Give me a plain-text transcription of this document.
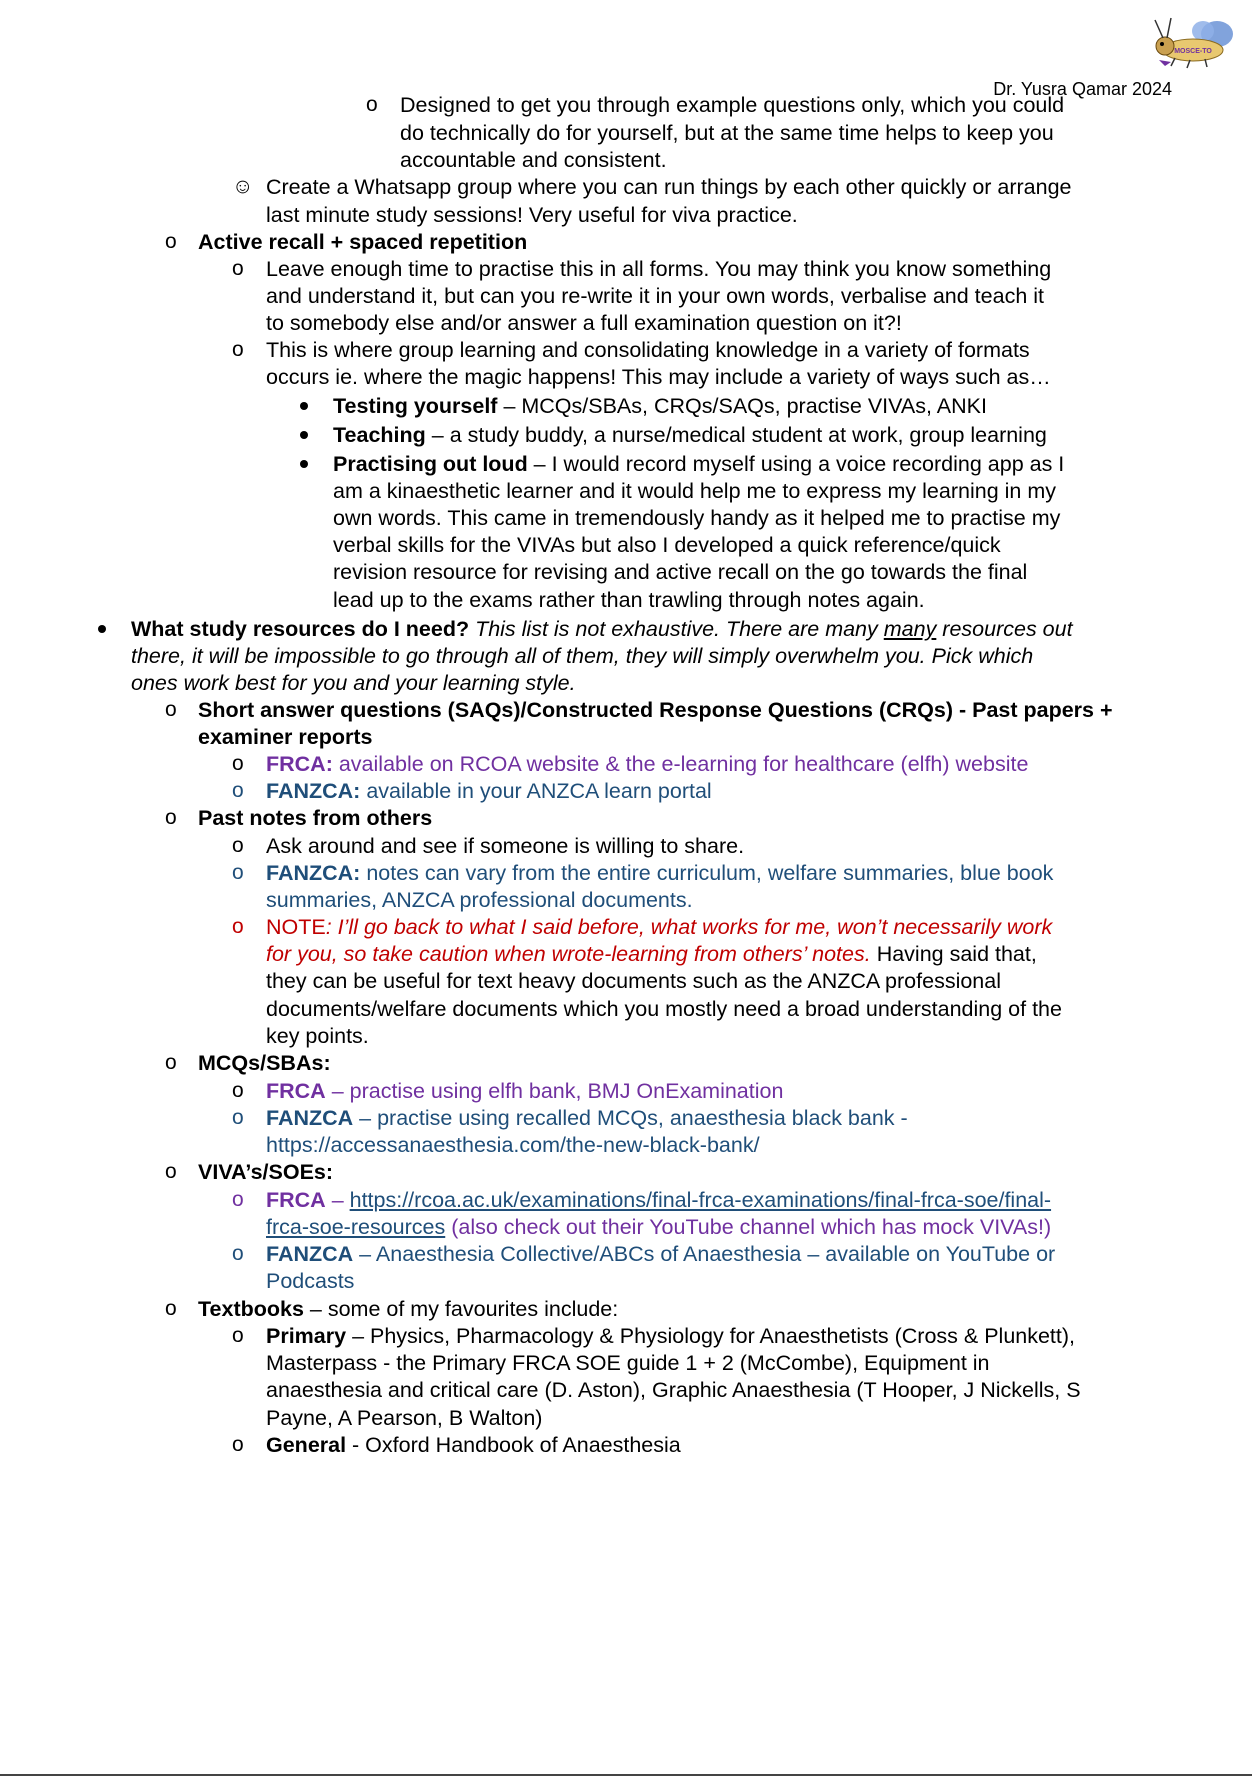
MOSCE-TO
Dr. Yusra Qamar 2024
o Designed to get you through example questions only, which you could
do technically do for yourself, but at the same time helps to keep you
accountable and consistent.
☺ Create a Whatsapp group where you can run things by each other quickly or arrange
last minute study sessions! Very useful for viva practice.
o Active recall + spaced repetition
o Leave enough time to practise this in all forms. You may think you know something
and understand it, but can you re-write it in your own words, verbalise and teach it
to somebody else and/or answer a full examination question on it?!
o This is where group learning and consolidating knowledge in a variety of formats
occurs ie. where the magic happens! This may include a variety of ways such as…
Testing yourself – MCQs/SBAs, CRQs/SAQs, practise VIVAs, ANKI
Teaching – a study buddy, a nurse/medical student at work, group learning
Practising out loud – I would record myself using a voice recording app as I
am a kinaesthetic learner and it would help me to express my learning in my
own words. This came in tremendously handy as it helped me to practise my
verbal skills for the VIVAs but also I developed a quick reference/quick
revision resource for revising and active recall on the go towards the final
lead up to the exams rather than trawling through notes again.
What study resources do I need? This list is not exhaustive. There are many many resources out
there, it will be impossible to go through all of them, they will simply overwhelm you. Pick which
ones work best for you and your learning style.
o Short answer questions (SAQs)/Constructed Response Questions (CRQs) - Past papers +
examiner reports
o FRCA: available on RCOA website & the e-learning for healthcare (elfh) website
o FANZCA: available in your ANZCA learn portal
o Past notes from others
o Ask around and see if someone is willing to share.
o FANZCA: notes can vary from the entire curriculum, welfare summaries, blue book
summaries, ANZCA professional documents.
o NOTE: I’ll go back to what I said before, what works for me, won’t necessarily work
for you, so take caution when wrote-learning from others’ notes. Having said that,
they can be useful for text heavy documents such as the ANZCA professional
documents/welfare documents which you mostly need a broad understanding of the
key points.
o MCQs/SBAs:
o FRCA – practise using elfh bank, BMJ OnExamination
o FANZCA – practise using recalled MCQs, anaesthesia black bank -
https://accessanaesthesia.com/the-new-black-bank/
o VIVA’s/SOEs:
o FRCA – https://rcoa.ac.uk/examinations/final-frca-examinations/final-frca-soe/final-
frca-soe-resources (also check out their YouTube channel which has mock VIVAs!)
o FANZCA – Anaesthesia Collective/ABCs of Anaesthesia – available on YouTube or
Podcasts
o Textbooks – some of my favourites include:
o Primary – Physics, Pharmacology & Physiology for Anaesthetists (Cross & Plunkett),
Masterpass - the Primary FRCA SOE guide 1 + 2 (McCombe), Equipment in
anaesthesia and critical care (D. Aston), Graphic Anaesthesia (T Hooper, J Nickells, S
Payne, A Pearson, B Walton)
o General - Oxford Handbook of Anaesthesia
